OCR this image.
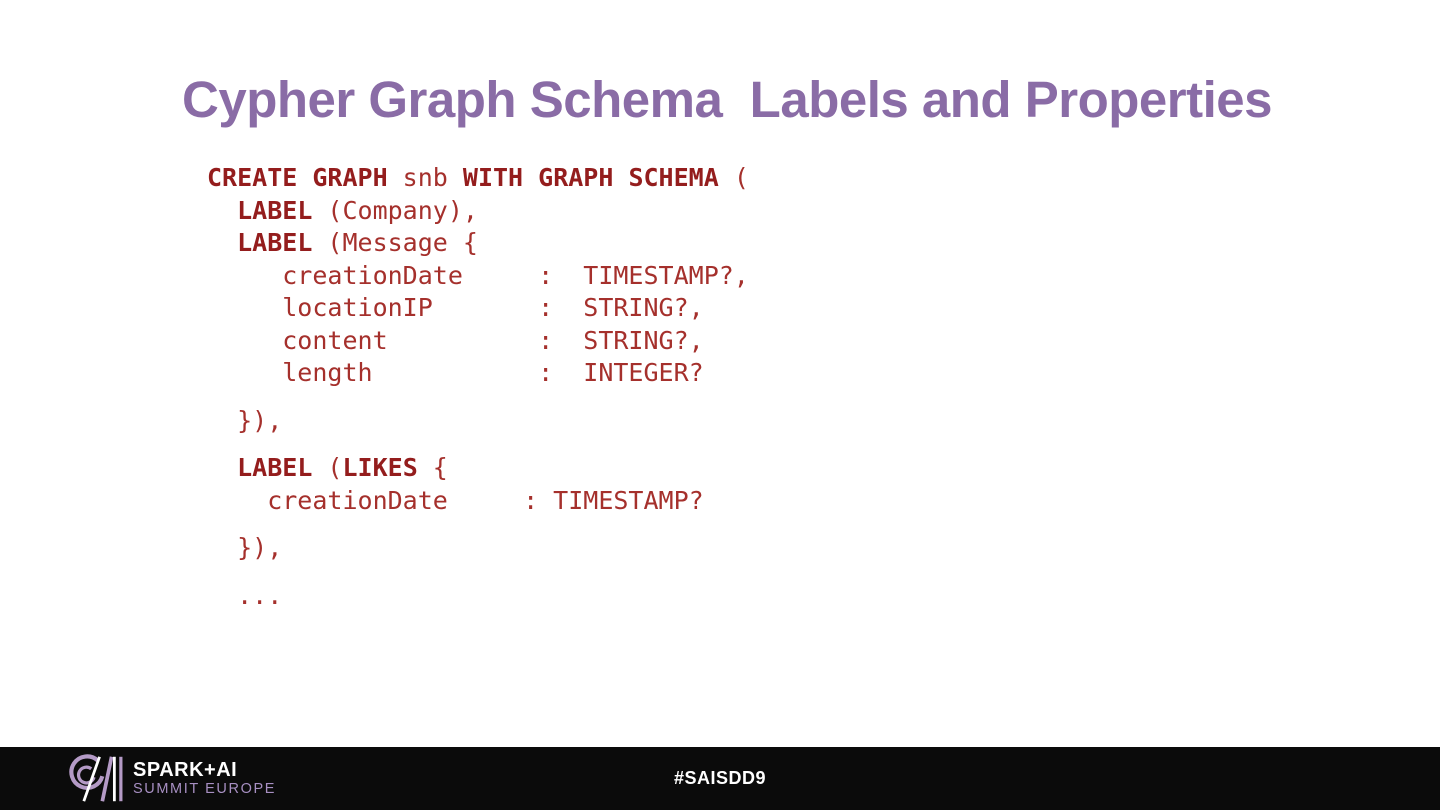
Cypher Graph Schema  Labels and Properties
CREATE GRAPH snb WITH GRAPH SCHEMA (
LABEL (Company),
LABEL (Message {
creationDate     :  TIMESTAMP?,
locationIP       :  STRING?,
content          :  STRING?,
length           :  INTEGER?
}),
LABEL (LIKES {
creationDate     : TIMESTAMP?
}),
...
SPARK+AI
SUMMIT EUROPE
#SAISDD9
